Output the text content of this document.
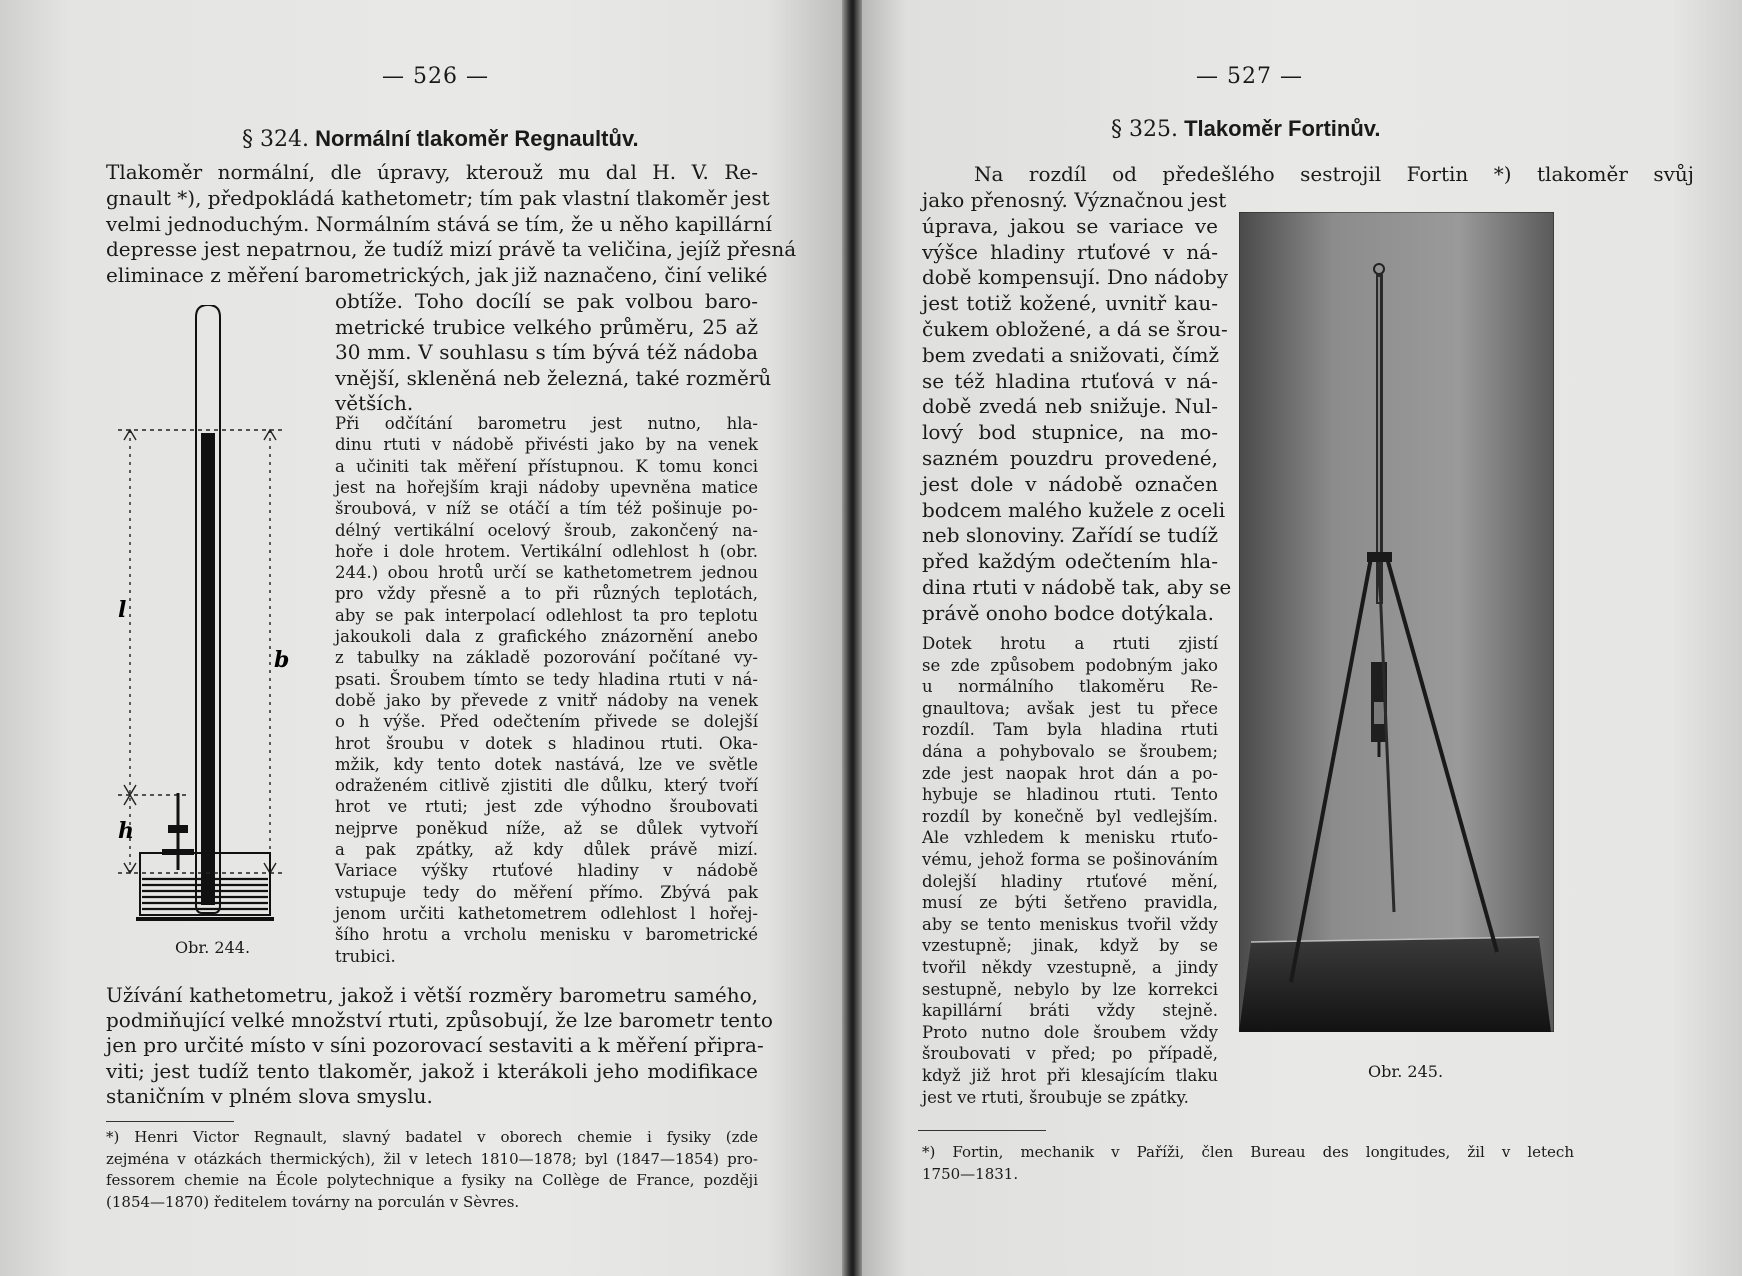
— 526 —
§ 324. Normální tlakoměr Regnaultův.
Tlakoměr normální, dle úpravy, kterouž mu dal H. V. Re-
gnault *), předpokládá kathetometr; tím pak vlastní tlakoměr jest
velmi jednoduchým. Normálním stává se tím, že u něho kapillární
depresse jest nepatrnou, že tudíž mizí právě ta veličina, jejíž přesná
eliminace z měření barometrických, jak již naznačeno, činí veliké
obtíže. Toho docílí se pak volbou baro-
metrické trubice velkého průměru, 25 až
30 mm. V souhlasu s tím bývá též nádoba
vnější, skleněná neb železná, také rozměrů
větších.
Při odčítání barometru jest nutno, hla-
dinu rtuti v nádobě přivésti jako by na venek
a učiniti tak měření přístupnou. K tomu konci
jest na hořejším kraji nádoby upevněna matice
šroubová, v níž se otáčí a tím též pošinuje po-
délný vertikální ocelový šroub, zakončený na-
hoře i dole hrotem. Vertikální odlehlost h (obr.
244.) obou hrotů určí se kathetometrem jednou
pro vždy přesně a to při různých teplotách,
aby se pak interpolací odlehlost ta pro teplotu
jakoukoli dala z grafického znázornění anebo
z tabulky na základě pozorování počítané vy-
psati. Šroubem tímto se tedy hladina rtuti v ná-
době jako by převede z vnitř nádoby na venek
o h výše. Před odečtením přivede se dolejší
hrot šroubu v dotek s hladinou rtuti. Oka-
mžik, kdy tento dotek nastává, lze ve světle
odraženém citlivě zjistiti dle důlku, který tvoří
hrot ve rtuti; jest zde výhodno šroubovati
nejprve poněkud níže, až se důlek vytvoří
a pak zpátky, až kdy důlek právě mizí.
Variace výšky rtuťové hladiny v nádobě
vstupuje tedy do měření přímo. Zbývá pak
jenom určiti kathetometrem odlehlost l hořej-
šího hrotu a vrcholu menisku v barometrické
trubici.
Užívání kathetometru, jakož i větší rozměry barometru samého,
podmiňující velké množství rtuti, způsobují, že lze barometr tento
jen pro určité místo v síni pozorovací sestaviti a k měření připra-
viti; jest tudíž tento tlakoměr, jakož i kterákoli jeho modifikace
staničním v plném slova smyslu.
l
b
h
Obr. 244.
*) Henri Victor Regnault, slavný badatel v oborech chemie i fysiky (zde
zejména v otázkách thermických), žil v letech 1810—1878; byl (1847—1854) pro-
fessorem chemie na École polytechnique a fysiky na Collège de France, později
(1854—1870) ředitelem továrny na porculán v Sèvres.
— 527 —
§ 325. Tlakoměr Fortinův.
Na rozdíl od předešlého sestrojil Fortin *) tlakoměr svůj
jako přenosný. Význačnou jest
úprava, jakou se variace ve
výšce hladiny rtuťové v ná-
době kompensují. Dno nádoby
jest totiž kožené, uvnitř kau-
čukem obložené, a dá se šrou-
bem zvedati a snižovati, čímž
se též hladina rtuťová v ná-
době zvedá neb snižuje. Nul-
lový bod stupnice, na mo-
sazném pouzdru provedené,
jest dole v nádobě označen
bodcem malého kužele z oceli
neb slonoviny. Zařídí se tudíž
před každým odečtením hla-
dina rtuti v nádobě tak, aby se
právě onoho bodce dotýkala.
Dotek hrotu a rtuti zjistí
se zde způsobem podobným jako
u normálního tlakoměru Re-
gnaultova; avšak jest tu přece
rozdíl. Tam byla hladina rtuti
dána a pohybovalo se šroubem;
zde jest naopak hrot dán a po-
hybuje se hladinou rtuti. Tento
rozdíl by konečně byl vedlejším.
Ale vzhledem k menisku rtuťo-
vému, jehož forma se pošinováním
dolejší hladiny rtuťové mění,
musí ze býti šetřeno pravidla,
aby se tento meniskus tvořil vždy
vzestupně; jinak, když by se
tvořil někdy vzestupně, a jindy
sestupně, nebylo by lze korrekci
kapillární bráti vždy stejně.
Proto nutno dole šroubem vždy
šroubovati v před; po případě,
když již hrot při klesajícím tlaku
jest ve rtuti, šroubuje se zpátky.
Obr. 245.
*) Fortin, mechanik v Paříži, člen Bureau des longitudes, žil v letech
1750—1831.
